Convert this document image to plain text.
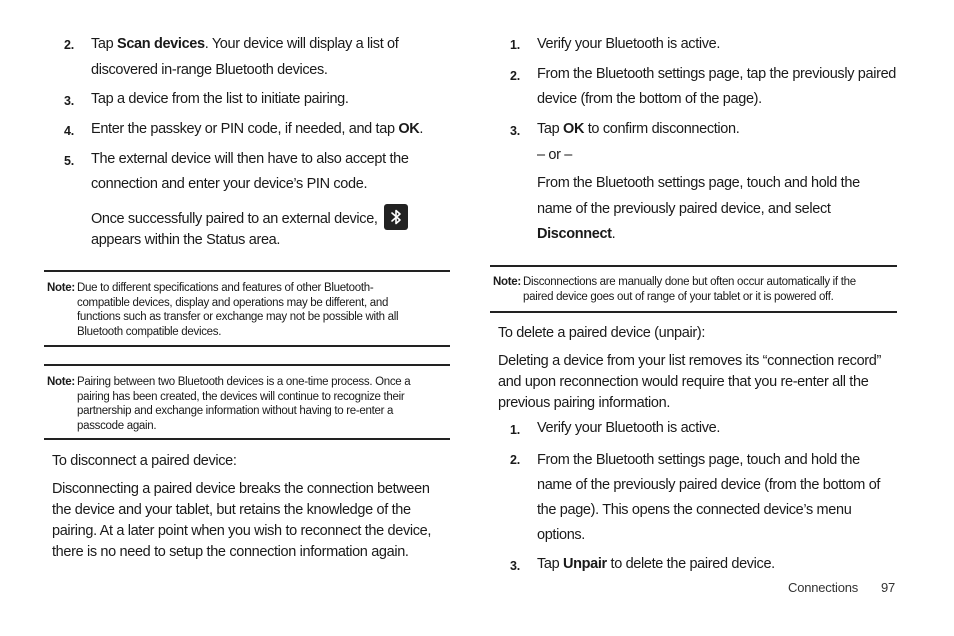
2.	Tap Scan devices. Your device will display a list of
discovered in-range Bluetooth devices.
3.	Tap a device from the list to initiate pairing.
4.	Enter the passkey or PIN code, if needed, and tap OK.
5.	The external device will then have to also accept the
connection and enter your device’s PIN code.
Once successfully paired to an external device,
appears within the Status area.
Note: Due to different specifications and features of other Bluetooth-
compatible devices, display and operations may be different, and
functions such as transfer or exchange may not be possible with all
Bluetooth compatible devices.
Note: Pairing between two Bluetooth devices is a one-time process. Once a
pairing has been created, the devices will continue to recognize their
partnership and exchange information without having to re-enter a
passcode again.
To disconnect a paired device:
Disconnecting a paired device breaks the connection between
the device and your tablet, but retains the knowledge of the
pairing. At a later point when you wish to reconnect the device,
there is no need to setup the connection information again.
1.	Verify your Bluetooth is active.
2.	From the Bluetooth settings page, tap the previously paired
device (from the bottom of the page).
3.	Tap OK to confirm disconnection.
– or –
From the Bluetooth settings page, touch and hold the
name of the previously paired device, and select
Disconnect.
Note: Disconnections are manually done but often occur automatically if the
paired device goes out of range of your tablet or it is powered off.
To delete a paired device (unpair):
Deleting a device from your list removes its “connection record”
and upon reconnection would require that you re-enter all the
previous pairing information.
1.	Verify your Bluetooth is active.
2.	From the Bluetooth settings page, touch and hold the
name of the previously paired device (from the bottom of
the page). This opens the connected device’s menu
options.
3.	Tap Unpair to delete the paired device.
Connections 97
